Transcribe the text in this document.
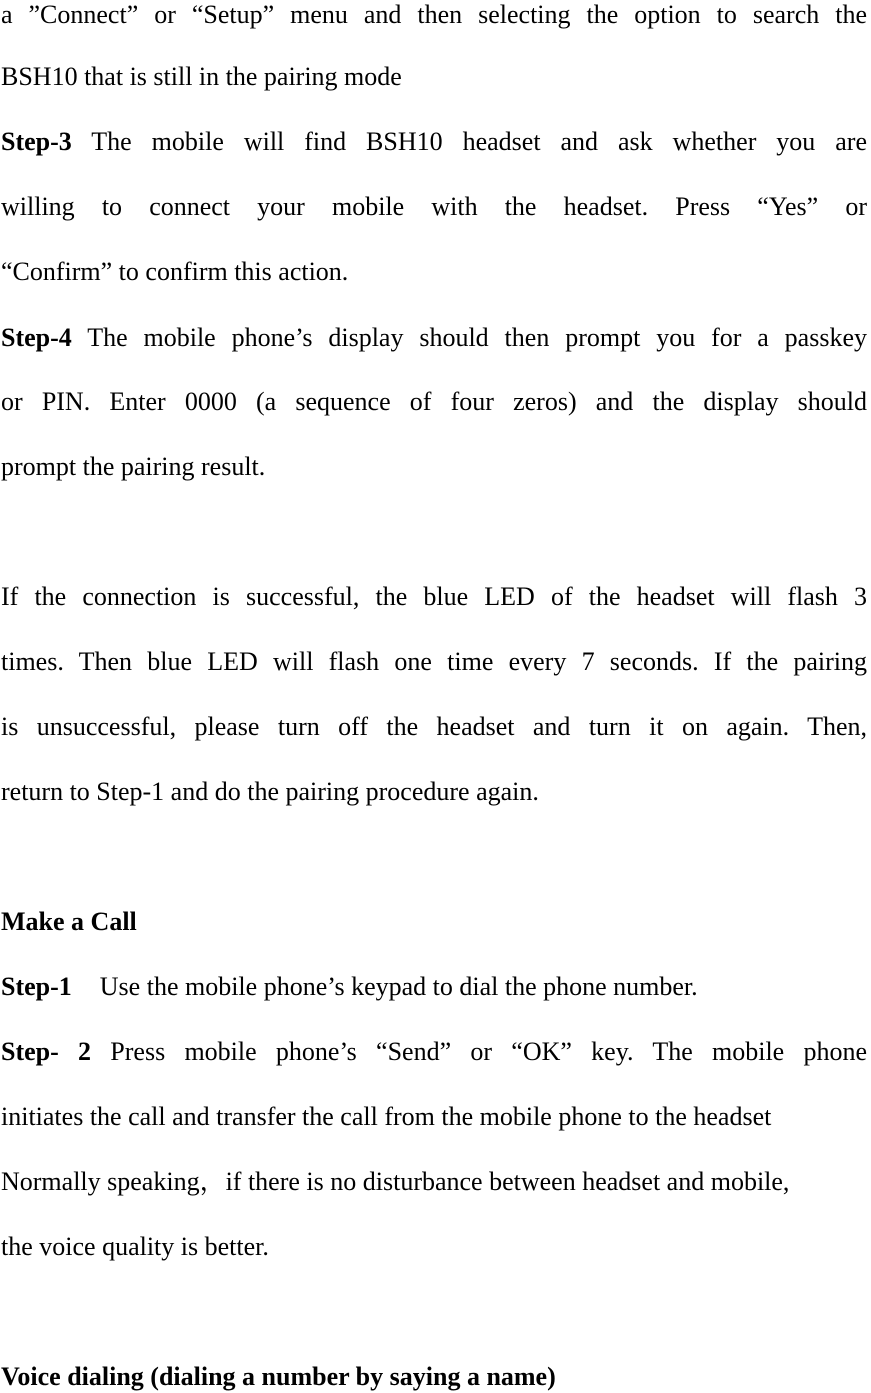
a ”Connect” or “Setup” menu and then selecting the option to search the
BSH10 that is still in the pairing mode
Step-3 The mobile will find BSH10 headset and ask whether you are
willing to connect your mobile with the headset. Press “Yes” or
“Confirm” to confirm this action.
Step-4 The mobile phone’s display should then prompt you for a passkey
or PIN. Enter 0000 (a sequence of four zeros) and the display should
prompt the pairing result.
If the connection is successful, the blue LED of the headset will flash 3
times. Then blue LED will flash one time every 7 seconds. If the pairing
is unsuccessful, please turn off the headset and turn it on again. Then,
return to Step-1 and do the pairing procedure again.
Make a Call
Step-1 Use the mobile phone’s keypad to dial the phone number.
Step- 2 Press mobile phone’s “Send” or “OK” key. The mobile phone
initiates the call and transfer the call from the mobile phone to the headset
Normally speaking，if there is no disturbance between headset and mobile,
the voice quality is better.
Voice dialing (dialing a number by saying a name)
